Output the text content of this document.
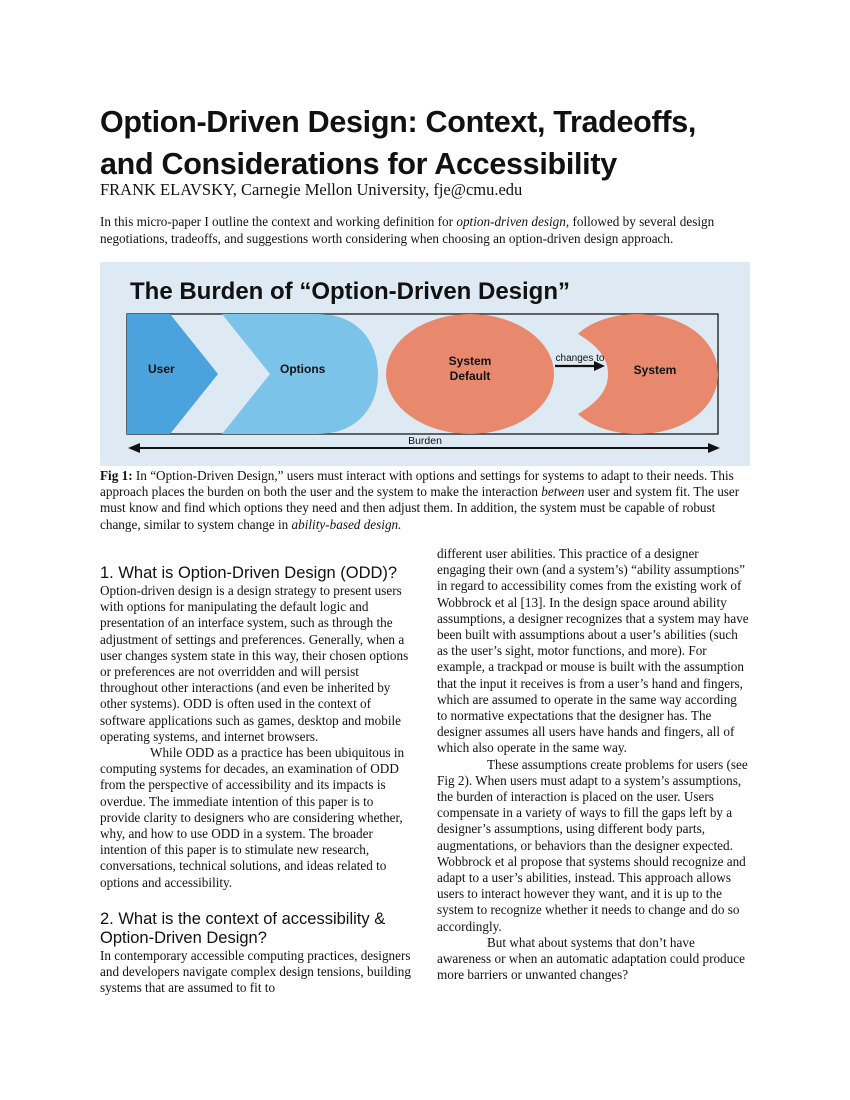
Option-Driven Design: Context, Tradeoffs, and Considerations for Accessibility
FRANK ELAVSKY, Carnegie Mellon University, fje@cmu.edu
In this micro-paper I outline the context and working definition for option-driven design, followed by several design negotiations, tradeoffs, and suggestions worth considering when choosing an option-driven design approach.
The Burden of “Option-Driven Design”
User	Options
System
Default
changes to
System
Burden
Fig 1: In “Option-Driven Design,” users must interact with options and settings for systems to adapt to their needs. This approach places the burden on both the user and the system to make the interaction between user and system fit. The user must know and find which options they need and then adjust them. In addition, the system must be capable of robust change, similar to system change in ability-based design.
1. What is Option-Driven Design (ODD)?

Option-driven design is a design strategy to present users with options for manipulating the default logic and presentation of an interface system, such as through the adjustment of settings and preferences. Generally, when a user changes system state in this way, their chosen options or preferences are not overridden and will persist throughout other interactions (and even be inherited by other systems). ODD is often used in the context of software applications such as games, desktop and mobile operating systems, and internet browsers.

While ODD as a practice has been ubiquitous in computing systems for decades, an examination of ODD from the perspective of accessibility and its impacts is overdue. The immediate intention of this paper is to provide clarity to designers who are considering whether, why, and how to use ODD in a system. The broader intention of this paper is to stimulate new research, conversations, technical solutions, and ideas related to options and accessibility.

2. What is the context of accessibility & Option-Driven Design?

In contemporary accessible computing practices, designers and developers navigate complex design tensions, building systems that are assumed to fit to

different user abilities. This practice of a designer engaging their own (and a system’s) “ability assumptions” in regard to accessibility comes from the existing work of Wobbrock et al [13]. In the design space around ability assumptions, a designer recognizes that a system may have been built with assumptions about a user’s abilities (such as the user’s sight, motor functions, and more). For example, a trackpad or mouse is built with the assumption that the input it receives is from a user’s hand and fingers, which are assumed to operate in the same way according to normative expectations that the designer has. The designer assumes all users have hands and fingers, all of which also operate in the same way.

These assumptions create problems for users (see Fig 2). When users must adapt to a system’s assumptions, the burden of interaction is placed on the user. Users compensate in a variety of ways to fill the gaps left by a designer’s assumptions, using different body parts, augmentations, or behaviors than the designer expected. Wobbrock et al propose that systems should recognize and adapt to a user’s abilities, instead. This approach allows users to interact however they want, and it is up to the system to recognize whether it needs to change and do so accordingly.

But what about systems that don’t have awareness or when an automatic adaptation could produce more barriers or unwanted changes?
